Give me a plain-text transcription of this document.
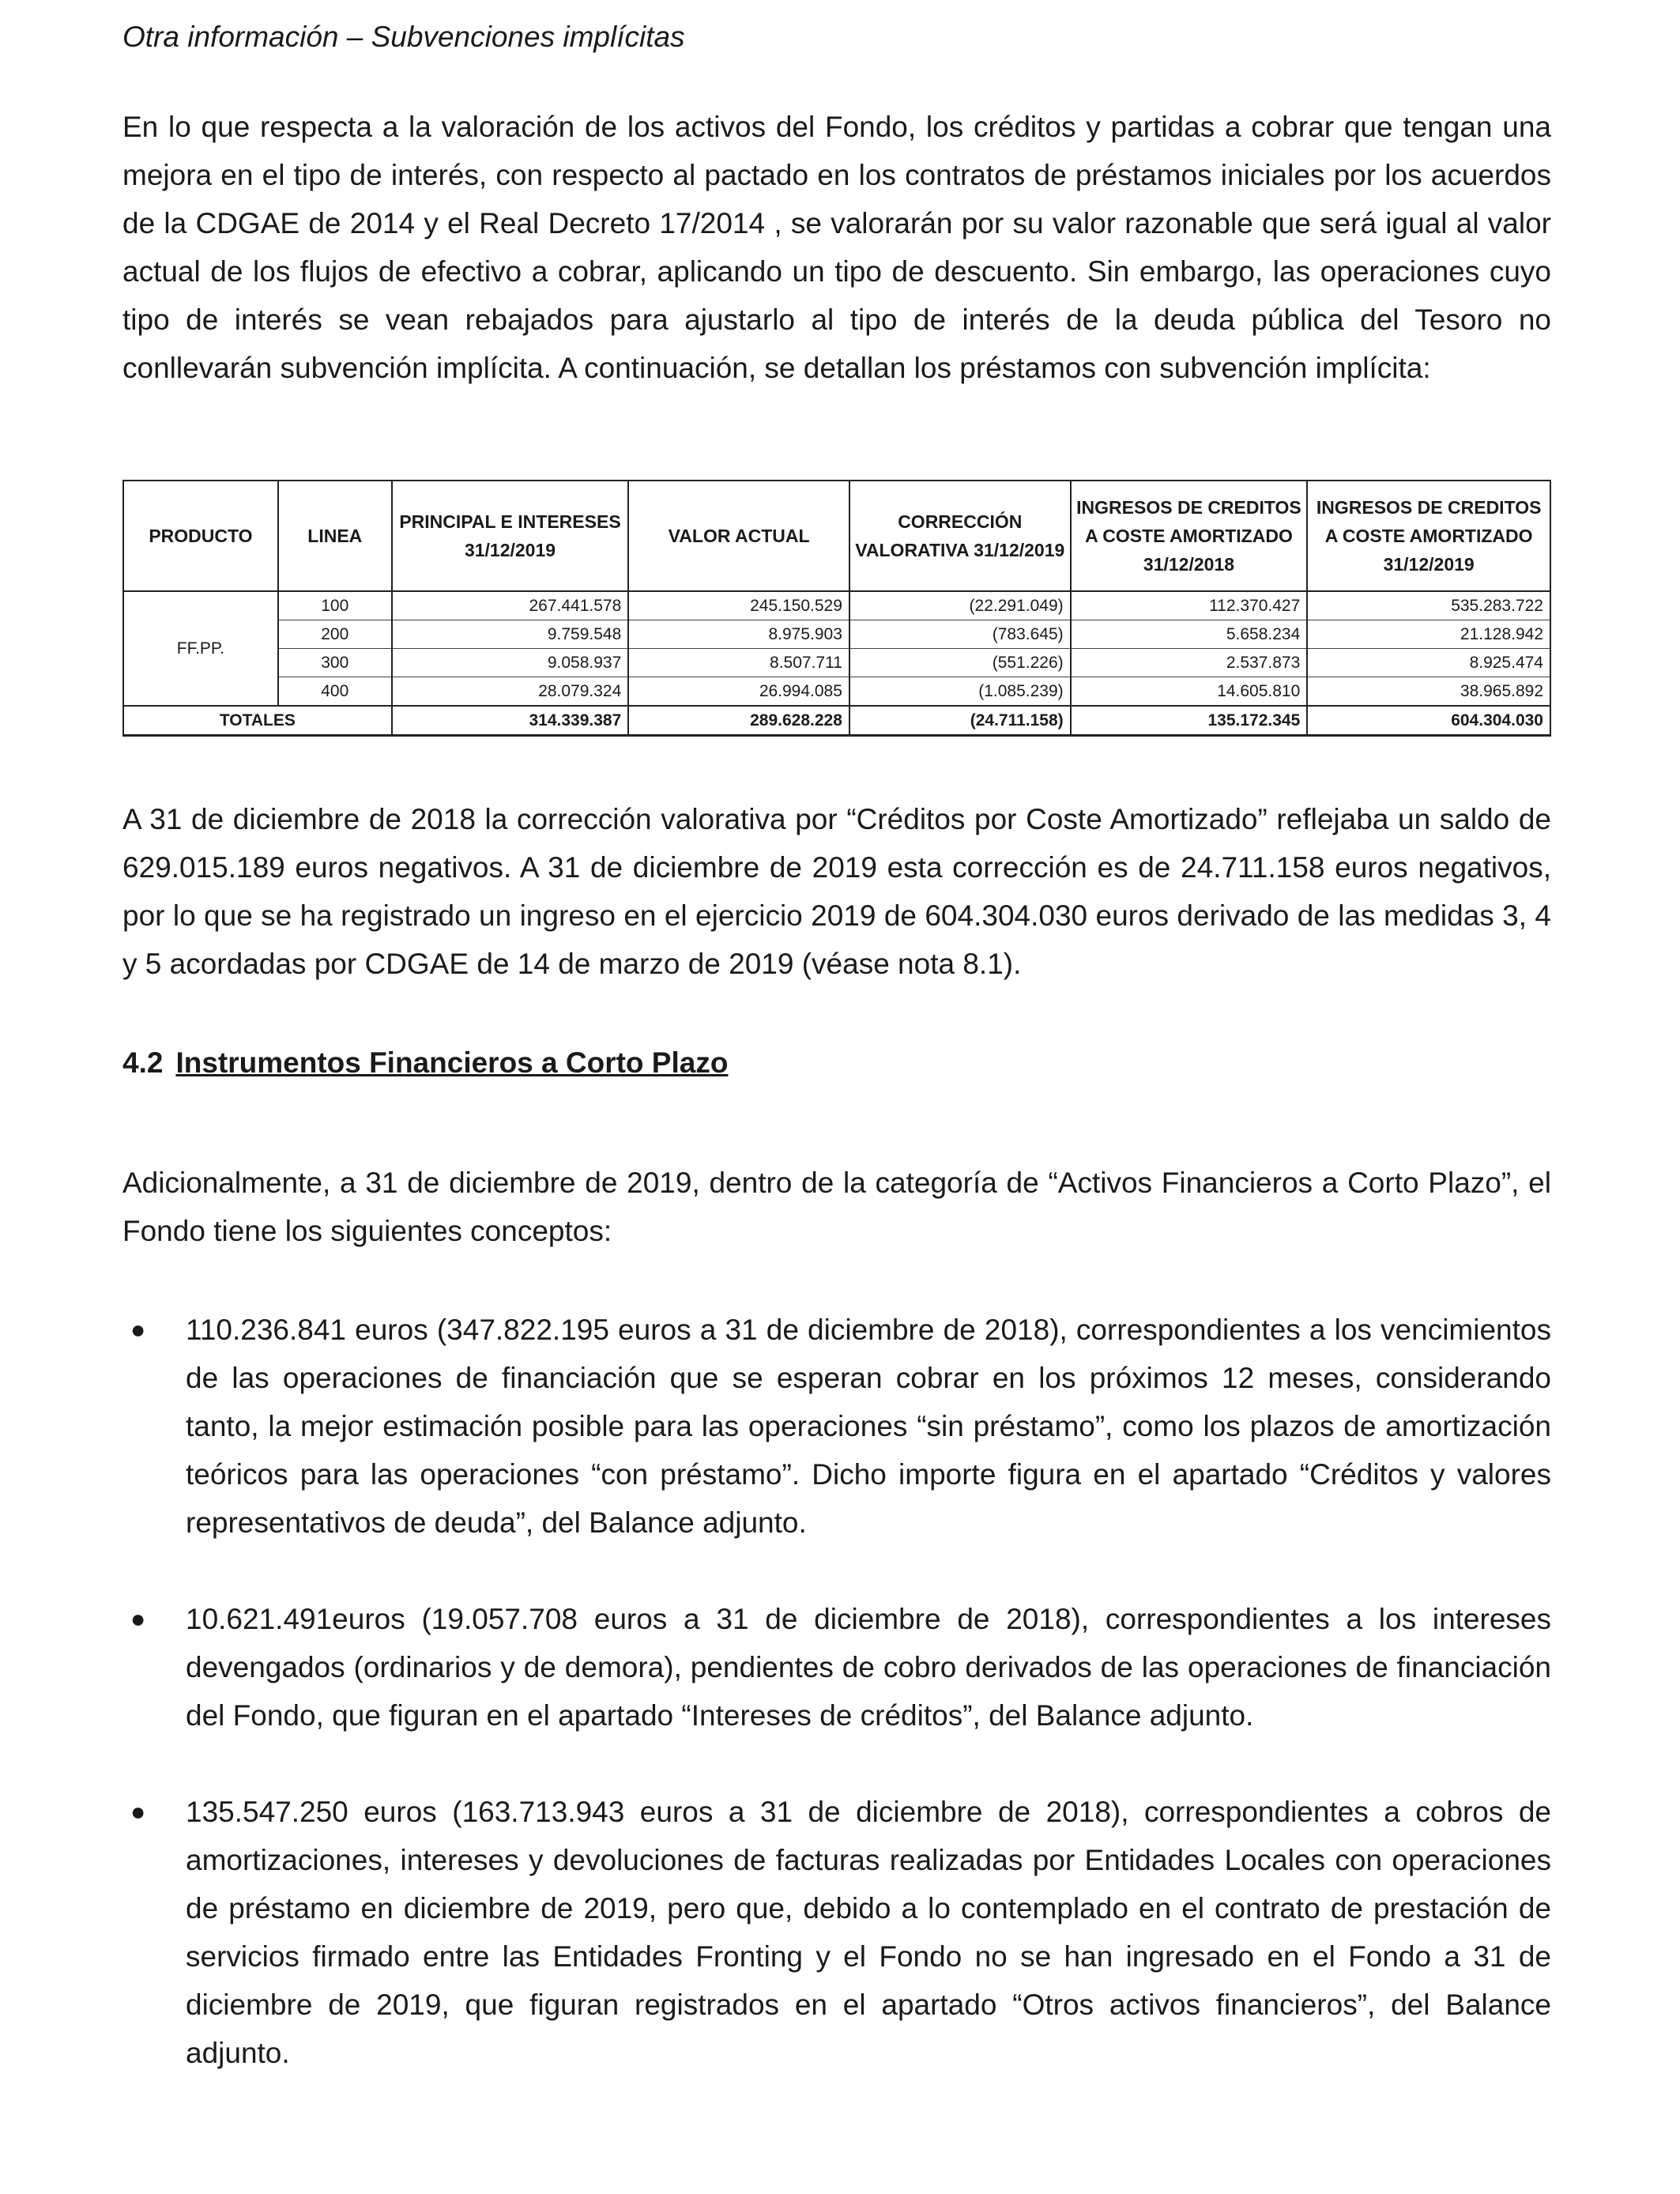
Otra información – Subvenciones implícitas

En lo que respecta a la valoración de los activos del Fondo, los créditos y partidas a cobrar que tengan una mejora en el tipo de interés, con respecto al pactado en los contratos de préstamos iniciales por los acuerdos de la CDGAE de 2014 y el Real Decreto 17/2014 , se valorarán por su valor razonable que será igual al valor actual de los flujos de efectivo a cobrar, aplicando un tipo de descuento. Sin embargo, las operaciones cuyo tipo de interés se vean rebajados para ajustarlo al tipo de interés de la deuda pública del Tesoro no conllevarán subvención implícita. A continuación, se detallan los préstamos con subvención implícita:

PRODUCTO	LINEA	PRINCIPAL E INTERESES 31/12/2019	VALOR ACTUAL	CORRECCIÓN VALORATIVA 31/12/2019	INGRESOS DE CREDITOS A COSTE AMORTIZADO 31/12/2018	INGRESOS DE CREDITOS A COSTE AMORTIZADO 31/12/2019
FF.PP.	100	267.441.578	245.150.529	(22.291.049)	112.370.427	535.283.722
	200	9.759.548	8.975.903	(783.645)	5.658.234	21.128.942
	300	9.058.937	8.507.711	(551.226)	2.537.873	8.925.474
	400	28.079.324	26.994.085	(1.085.239)	14.605.810	38.965.892
TOTALES		314.339.387	289.628.228	(24.711.158)	135.172.345	604.304.030

A 31 de diciembre de 2018 la corrección valorativa por “Créditos por Coste Amortizado” reflejaba un saldo de 629.015.189 euros negativos. A 31 de diciembre de 2019 esta corrección es de 24.711.158 euros negativos, por lo que se ha registrado un ingreso en el ejercicio 2019 de 604.304.030 euros derivado de las medidas 3, 4 y 5 acordadas por CDGAE de 14 de marzo de 2019 (véase nota 8.1).

4.2 Instrumentos Financieros a Corto Plazo

Adicionalmente, a 31 de diciembre de 2019, dentro de la categoría de “Activos Financieros a Corto Plazo”, el Fondo tiene los siguientes conceptos:

● 110.236.841 euros (347.822.195 euros a 31 de diciembre de 2018), correspondientes a los vencimientos de las operaciones de financiación que se esperan cobrar en los próximos 12 meses, considerando tanto, la mejor estimación posible para las operaciones “sin préstamo”, como los plazos de amortización teóricos para las operaciones “con préstamo”. Dicho importe figura en el apartado “Créditos y valores representativos de deuda”, del Balance adjunto.
● 10.621.491euros (19.057.708 euros a 31 de diciembre de 2018), correspondientes a los intereses devengados (ordinarios y de demora), pendientes de cobro derivados de las operaciones de financiación del Fondo, que figuran en el apartado “Intereses de créditos”, del Balance adjunto.
● 135.547.250 euros (163.713.943 euros a 31 de diciembre de 2018), correspondientes a cobros de amortizaciones, intereses y devoluciones de facturas realizadas por Entidades Locales con operaciones de préstamo en diciembre de 2019, pero que, debido a lo contemplado en el contrato de prestación de servicios firmado entre las Entidades Fronting y el Fondo no se han ingresado en el Fondo a 31 de diciembre de 2019, que figuran registrados en el apartado “Otros activos financieros”, del Balance adjunto.
